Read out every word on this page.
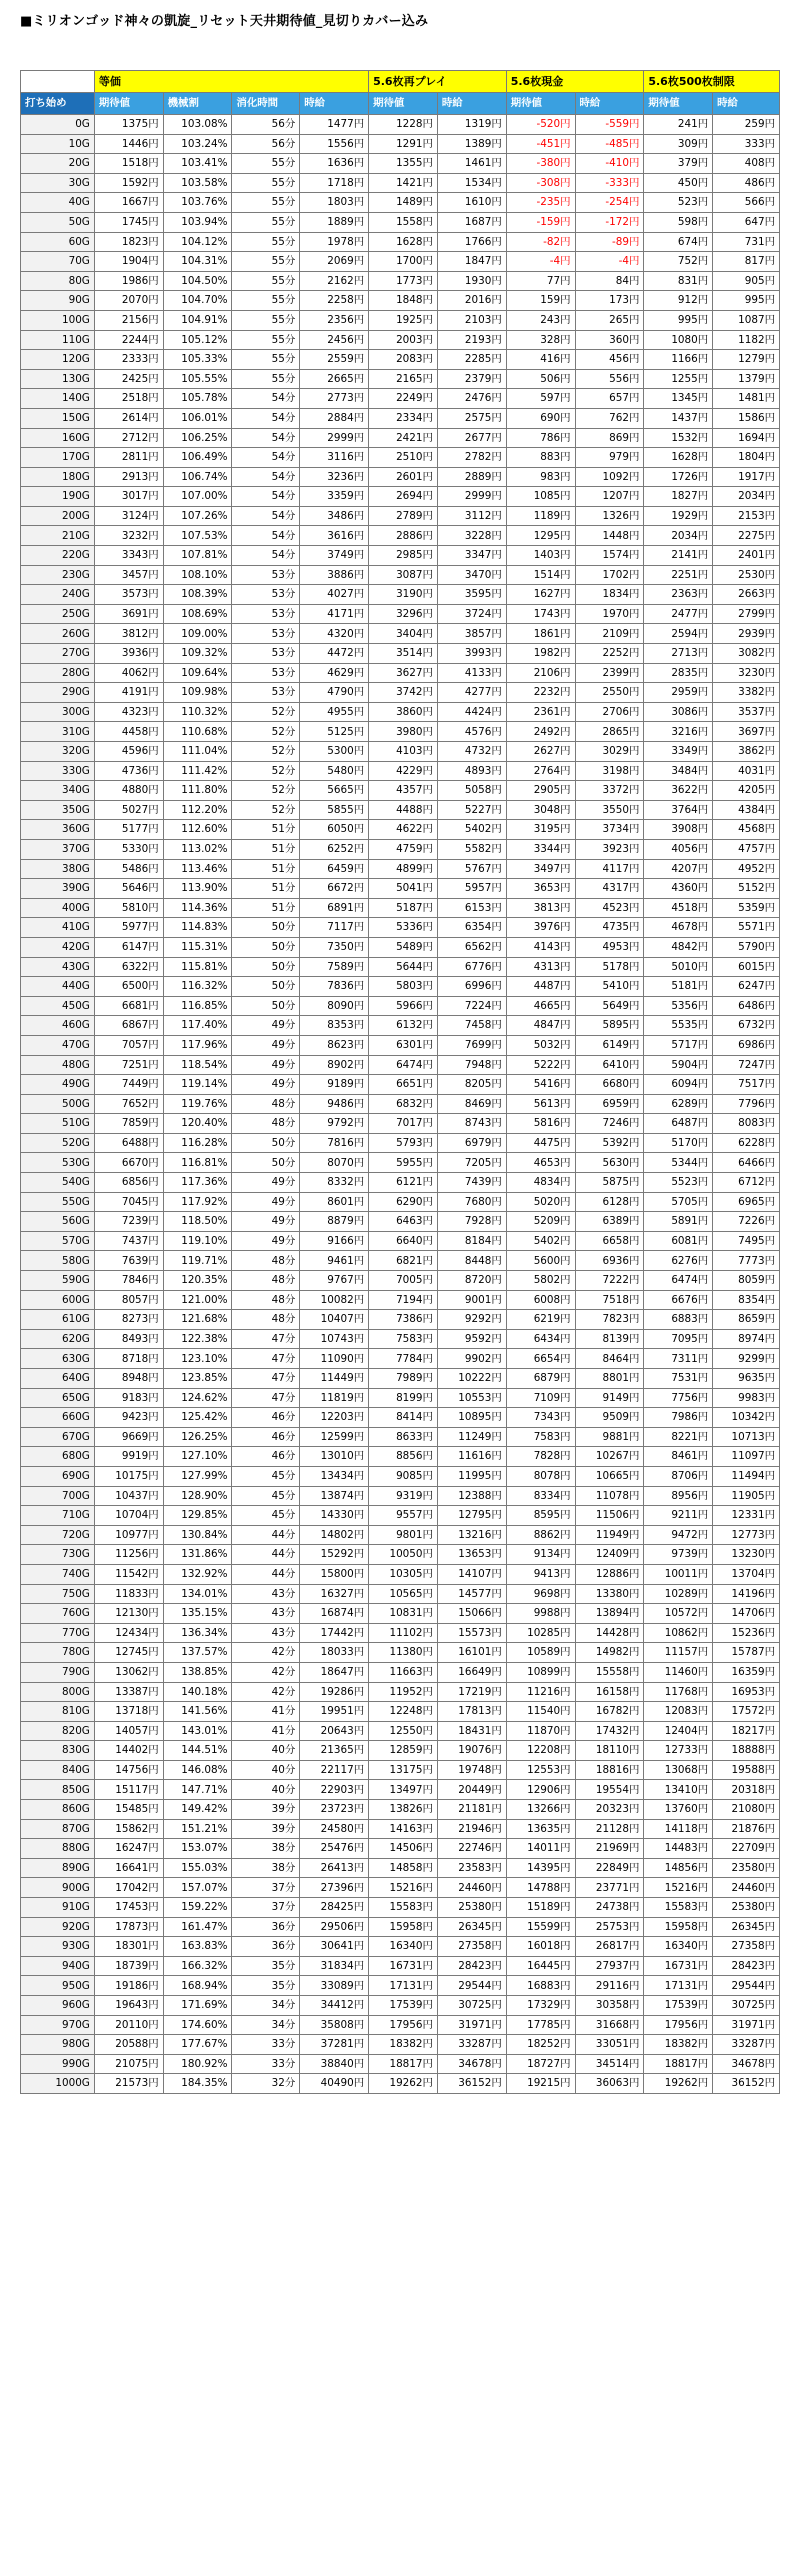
■ミリオンゴッド神々の凱旋_リセット天井期待値_見切りカバー込み
	等価				5.6枚再プレイ		5.6枚現金		5.6枚500枚制限	
打ち始め	期待値	機械割	消化時間	時給	期待値	時給	期待値	時給	期待値	時給
0G	1375円	103.08%	56分	1477円	1228円	1319円	-520円	-559円	241円	259円
10G	1446円	103.24%	56分	1556円	1291円	1389円	-451円	-485円	309円	333円
20G	1518円	103.41%	55分	1636円	1355円	1461円	-380円	-410円	379円	408円
30G	1592円	103.58%	55分	1718円	1421円	1534円	-308円	-333円	450円	486円
40G	1667円	103.76%	55分	1803円	1489円	1610円	-235円	-254円	523円	566円
50G	1745円	103.94%	55分	1889円	1558円	1687円	-159円	-172円	598円	647円
60G	1823円	104.12%	55分	1978円	1628円	1766円	-82円	-89円	674円	731円
70G	1904円	104.31%	55分	2069円	1700円	1847円	-4円	-4円	752円	817円
80G	1986円	104.50%	55分	2162円	1773円	1930円	77円	84円	831円	905円
90G	2070円	104.70%	55分	2258円	1848円	2016円	159円	173円	912円	995円
100G	2156円	104.91%	55分	2356円	1925円	2103円	243円	265円	995円	1087円
110G	2244円	105.12%	55分	2456円	2003円	2193円	328円	360円	1080円	1182円
120G	2333円	105.33%	55分	2559円	2083円	2285円	416円	456円	1166円	1279円
130G	2425円	105.55%	55分	2665円	2165円	2379円	506円	556円	1255円	1379円
140G	2518円	105.78%	54分	2773円	2249円	2476円	597円	657円	1345円	1481円
150G	2614円	106.01%	54分	2884円	2334円	2575円	690円	762円	1437円	1586円
160G	2712円	106.25%	54分	2999円	2421円	2677円	786円	869円	1532円	1694円
170G	2811円	106.49%	54分	3116円	2510円	2782円	883円	979円	1628円	1804円
180G	2913円	106.74%	54分	3236円	2601円	2889円	983円	1092円	1726円	1917円
190G	3017円	107.00%	54分	3359円	2694円	2999円	1085円	1207円	1827円	2034円
200G	3124円	107.26%	54分	3486円	2789円	3112円	1189円	1326円	1929円	2153円
210G	3232円	107.53%	54分	3616円	2886円	3228円	1295円	1448円	2034円	2275円
220G	3343円	107.81%	54分	3749円	2985円	3347円	1403円	1574円	2141円	2401円
230G	3457円	108.10%	53分	3886円	3087円	3470円	1514円	1702円	2251円	2530円
240G	3573円	108.39%	53分	4027円	3190円	3595円	1627円	1834円	2363円	2663円
250G	3691円	108.69%	53分	4171円	3296円	3724円	1743円	1970円	2477円	2799円
260G	3812円	109.00%	53分	4320円	3404円	3857円	1861円	2109円	2594円	2939円
270G	3936円	109.32%	53分	4472円	3514円	3993円	1982円	2252円	2713円	3082円
280G	4062円	109.64%	53分	4629円	3627円	4133円	2106円	2399円	2835円	3230円
290G	4191円	109.98%	53分	4790円	3742円	4277円	2232円	2550円	2959円	3382円
300G	4323円	110.32%	52分	4955円	3860円	4424円	2361円	2706円	3086円	3537円
310G	4458円	110.68%	52分	5125円	3980円	4576円	2492円	2865円	3216円	3697円
320G	4596円	111.04%	52分	5300円	4103円	4732円	2627円	3029円	3349円	3862円
330G	4736円	111.42%	52分	5480円	4229円	4893円	2764円	3198円	3484円	4031円
340G	4880円	111.80%	52分	5665円	4357円	5058円	2905円	3372円	3622円	4205円
350G	5027円	112.20%	52分	5855円	4488円	5227円	3048円	3550円	3764円	4384円
360G	5177円	112.60%	51分	6050円	4622円	5402円	3195円	3734円	3908円	4568円
370G	5330円	113.02%	51分	6252円	4759円	5582円	3344円	3923円	4056円	4757円
380G	5486円	113.46%	51分	6459円	4899円	5767円	3497円	4117円	4207円	4952円
390G	5646円	113.90%	51分	6672円	5041円	5957円	3653円	4317円	4360円	5152円
400G	5810円	114.36%	51分	6891円	5187円	6153円	3813円	4523円	4518円	5359円
410G	5977円	114.83%	50分	7117円	5336円	6354円	3976円	4735円	4678円	5571円
420G	6147円	115.31%	50分	7350円	5489円	6562円	4143円	4953円	4842円	5790円
430G	6322円	115.81%	50分	7589円	5644円	6776円	4313円	5178円	5010円	6015円
440G	6500円	116.32%	50分	7836円	5803円	6996円	4487円	5410円	5181円	6247円
450G	6681円	116.85%	50分	8090円	5966円	7224円	4665円	5649円	5356円	6486円
460G	6867円	117.40%	49分	8353円	6132円	7458円	4847円	5895円	5535円	6732円
470G	7057円	117.96%	49分	8623円	6301円	7699円	5032円	6149円	5717円	6986円
480G	7251円	118.54%	49分	8902円	6474円	7948円	5222円	6410円	5904円	7247円
490G	7449円	119.14%	49分	9189円	6651円	8205円	5416円	6680円	6094円	7517円
500G	7652円	119.76%	48分	9486円	6832円	8469円	5613円	6959円	6289円	7796円
510G	7859円	120.40%	48分	9792円	7017円	8743円	5816円	7246円	6487円	8083円
520G	6488円	116.28%	50分	7816円	5793円	6979円	4475円	5392円	5170円	6228円
530G	6670円	116.81%	50分	8070円	5955円	7205円	4653円	5630円	5344円	6466円
540G	6856円	117.36%	49分	8332円	6121円	7439円	4834円	5875円	5523円	6712円
550G	7045円	117.92%	49分	8601円	6290円	7680円	5020円	6128円	5705円	6965円
560G	7239円	118.50%	49分	8879円	6463円	7928円	5209円	6389円	5891円	7226円
570G	7437円	119.10%	49分	9166円	6640円	8184円	5402円	6658円	6081円	7495円
580G	7639円	119.71%	48分	9461円	6821円	8448円	5600円	6936円	6276円	7773円
590G	7846円	120.35%	48分	9767円	7005円	8720円	5802円	7222円	6474円	8059円
600G	8057円	121.00%	48分	10082円	7194円	9001円	6008円	7518円	6676円	8354円
610G	8273円	121.68%	48分	10407円	7386円	9292円	6219円	7823円	6883円	8659円
620G	8493円	122.38%	47分	10743円	7583円	9592円	6434円	8139円	7095円	8974円
630G	8718円	123.10%	47分	11090円	7784円	9902円	6654円	8464円	7311円	9299円
640G	8948円	123.85%	47分	11449円	7989円	10222円	6879円	8801円	7531円	9635円
650G	9183円	124.62%	47分	11819円	8199円	10553円	7109円	9149円	7756円	9983円
660G	9423円	125.42%	46分	12203円	8414円	10895円	7343円	9509円	7986円	10342円
670G	9669円	126.25%	46分	12599円	8633円	11249円	7583円	9881円	8221円	10713円
680G	9919円	127.10%	46分	13010円	8856円	11616円	7828円	10267円	8461円	11097円
690G	10175円	127.99%	45分	13434円	9085円	11995円	8078円	10665円	8706円	11494円
700G	10437円	128.90%	45分	13874円	9319円	12388円	8334円	11078円	8956円	11905円
710G	10704円	129.85%	45分	14330円	9557円	12795円	8595円	11506円	9211円	12331円
720G	10977円	130.84%	44分	14802円	9801円	13216円	8862円	11949円	9472円	12773円
730G	11256円	131.86%	44分	15292円	10050円	13653円	9134円	12409円	9739円	13230円
740G	11542円	132.92%	44分	15800円	10305円	14107円	9413円	12886円	10011円	13704円
750G	11833円	134.01%	43分	16327円	10565円	14577円	9698円	13380円	10289円	14196円
760G	12130円	135.15%	43分	16874円	10831円	15066円	9988円	13894円	10572円	14706円
770G	12434円	136.34%	43分	17442円	11102円	15573円	10285円	14428円	10862円	15236円
780G	12745円	137.57%	42分	18033円	11380円	16101円	10589円	14982円	11157円	15787円
790G	13062円	138.85%	42分	18647円	11663円	16649円	10899円	15558円	11460円	16359円
800G	13387円	140.18%	42分	19286円	11952円	17219円	11216円	16158円	11768円	16953円
810G	13718円	141.56%	41分	19951円	12248円	17813円	11540円	16782円	12083円	17572円
820G	14057円	143.01%	41分	20643円	12550円	18431円	11870円	17432円	12404円	18217円
830G	14402円	144.51%	40分	21365円	12859円	19076円	12208円	18110円	12733円	18888円
840G	14756円	146.08%	40分	22117円	13175円	19748円	12553円	18816円	13068円	19588円
850G	15117円	147.71%	40分	22903円	13497円	20449円	12906円	19554円	13410円	20318円
860G	15485円	149.42%	39分	23723円	13826円	21181円	13266円	20323円	13760円	21080円
870G	15862円	151.21%	39分	24580円	14163円	21946円	13635円	21128円	14118円	21876円
880G	16247円	153.07%	38分	25476円	14506円	22746円	14011円	21969円	14483円	22709円
890G	16641円	155.03%	38分	26413円	14858円	23583円	14395円	22849円	14856円	23580円
900G	17042円	157.07%	37分	27396円	15216円	24460円	14788円	23771円	15216円	24460円
910G	17453円	159.22%	37分	28425円	15583円	25380円	15189円	24738円	15583円	25380円
920G	17873円	161.47%	36分	29506円	15958円	26345円	15599円	25753円	15958円	26345円
930G	18301円	163.83%	36分	30641円	16340円	27358円	16018円	26817円	16340円	27358円
940G	18739円	166.32%	35分	31834円	16731円	28423円	16445円	27937円	16731円	28423円
950G	19186円	168.94%	35分	33089円	17131円	29544円	16883円	29116円	17131円	29544円
960G	19643円	171.69%	34分	34412円	17539円	30725円	17329円	30358円	17539円	30725円
970G	20110円	174.60%	34分	35808円	17956円	31971円	17785円	31668円	17956円	31971円
980G	20588円	177.67%	33分	37281円	18382円	33287円	18252円	33051円	18382円	33287円
990G	21075円	180.92%	33分	38840円	18817円	34678円	18727円	34514円	18817円	34678円
1000G	21573円	184.35%	32分	40490円	19262円	36152円	19215円	36063円	19262円	36152円
